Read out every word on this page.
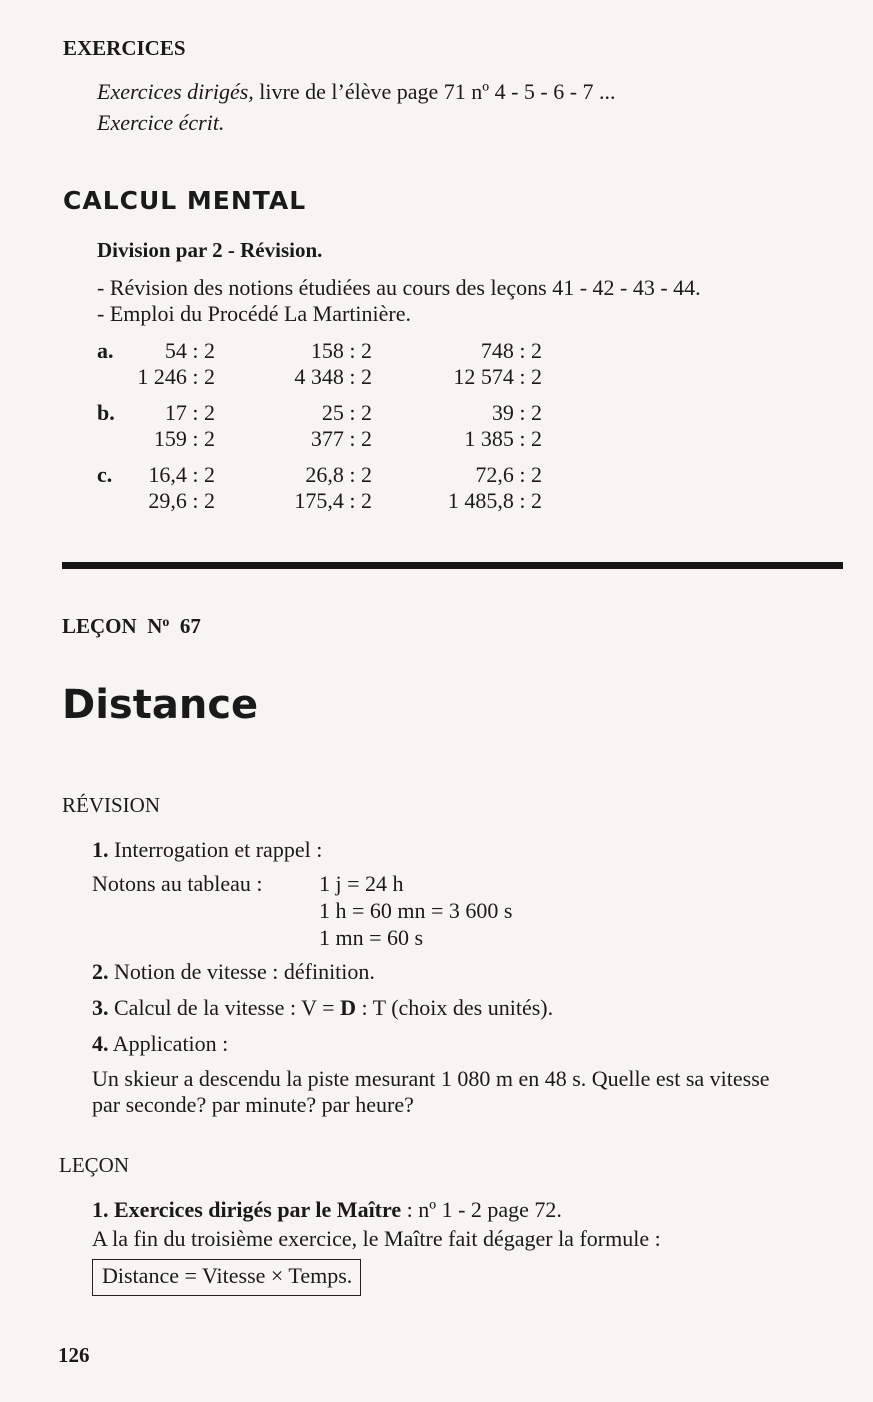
EXERCICES
Exercices dirigés, livre de l’élève page 71 nº 4 - 5 - 6 - 7 ...
Exercice écrit.
CALCUL MENTAL
Division par 2 - Révision.
- Révision des notions étudiées au cours des leçons 41 - 42 - 43 - 44.
- Emploi du Procédé La Martinière.
a.	54 : 2	158 : 2	748 : 2
1 246 : 2	4 348 : 2	12 574 : 2
b.	17 : 2	25 : 2	39 : 2
159 : 2	377 : 2	1 385 : 2
c.	16,4 : 2	26,8 : 2	72,6 : 2
29,6 : 2	175,4 : 2	1 485,8 : 2
LEÇON $N^o$ 67
Distance
RÉVISION
1. Interrogation et rappel :
Notons au tableau :	1 j = 24 h
1 h = 60 mn = 3 600 s
1 mn = 60 s
2. Notion de vitesse : définition.
3. Calcul de la vitesse : V = D : T (choix des unités).
4. Application :
Un skieur a descendu la piste mesurant 1 080 m en 48 s. Quelle est sa vitesse
par seconde? par minute? par heure?
LEÇON
1. Exercices dirigés par le Maître : nº 1 - 2 page 72.
A la fin du troisième exercice, le Maître fait dégager la formule :
Distance = Vitesse × Temps.
126
